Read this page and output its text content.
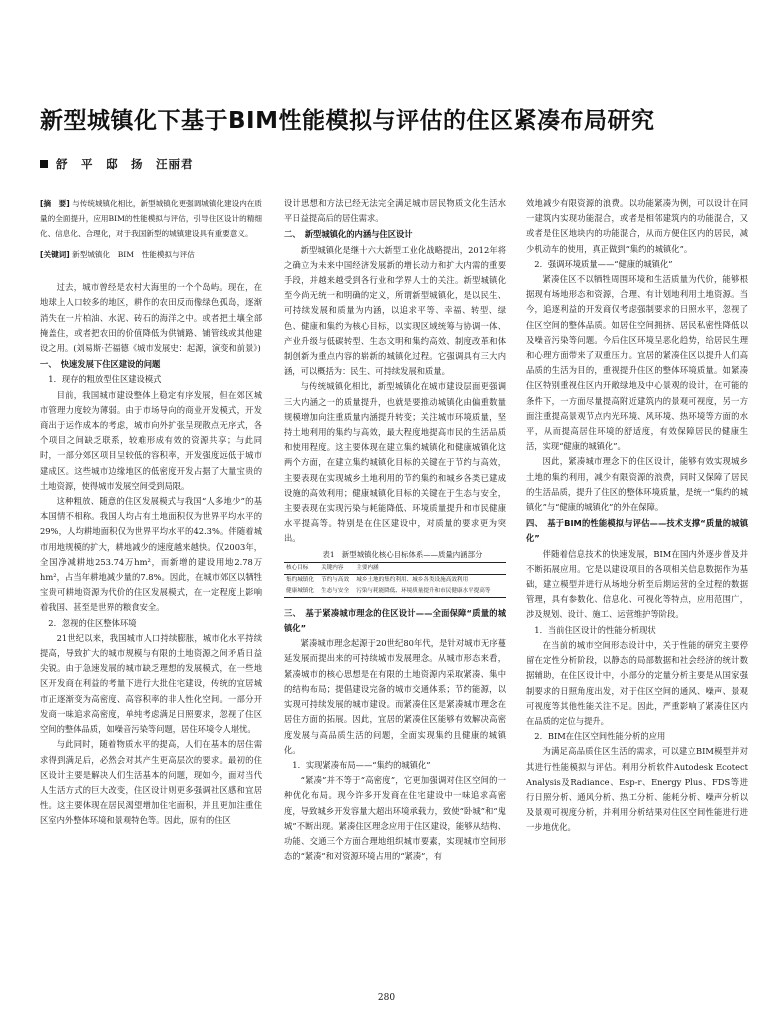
新型城镇化下基于BIM性能模拟与评估的住区紧凑布局研究
舒　平　邸　扬　汪丽君

[摘　要] 与传统城镇化相比，新型城镇化更强调城镇化建设内在质量的全面提升，应用BIM的性能模拟与评估，引导住区设计的精细化、信息化、合理化，对于我国新型的城镇建设具有重要意义。

[关键词] 新型城镇化　BIM　性能模拟与评估

过去，城市曾经是农村大海里的一个个岛屿。现在，在地球上人口较多的地区，耕作的农田反而像绿色孤岛，逐渐消失在一片柏油、水泥、砖石的海洋之中。或者把土壤全部掩盖住，或者把农田的价值降低为供铺路、铺管线或其他建设之用。(刘易斯·芒福德《城市发展史：起源，演变和前景》)

一、　快速发展下住区建设的问题

1．现存的粗放型住区建设模式

目前，我国城市建设整体上稳定有序发展，但在郊区城市管理力度较为薄弱。由于市场导向的商业开发模式，开发商出于运作成本的考虑，城市向外扩张呈现散点无序式，各个项目之间缺乏联系，较难形成有效的资源共享；与此同时，一部分郊区项目呈较低的容积率，开发强度远低于城市建成区。这些城市边缘地区的低密度开发占据了大量宝贵的土地资源，使得城市发展空间受到局限。

这种粗放、随意的住区发展模式与我国“人多地少”的基本国情不相称。我国人均占有土地面积仅为世界平均水平的29%，人均耕地面积仅为世界平均水平的42.3%。伴随着城市用地规模的扩大，耕地减少的速度越来越快。仅2003年，全国净减耕地253.74万hm²，而新增的建设用地2.78万hm²，占当年耕地减少量的7.8%。因此，在城市郊区以牺牲宝贵可耕地资源为代价的住区发展模式，在一定程度上影响着我国、甚至是世界的粮食安全。

2．忽视的住区整体环境

21世纪以来，我国城市人口持续膨胀，城市化水平持续提高，导致扩大的城市规模与有限的土地资源之间矛盾日益尖锐。由于急速发展的城市缺乏理想的发展模式，在一些地区开发商在利益的考量下进行大批住宅建设，传统的宜居城市正逐渐变为高密度、高容积率的非人性化空间。一部分开发商一味追求高密度，单纯考虑满足日照要求，忽视了住区空间的整体品质，如噪音污染等问题，居住环境令人堪忧。

与此同时，随着物质水平的提高，人们在基本的居住需求得到满足后，必然会对其产生更高层次的要求。最初的住区设计主要是解决人们生活基本的问题，现如今，面对当代人生活方式的巨大改变，住区设计则更多强调社区感和宜居性。这主要体现在居民渴望增加住宅面积，并且更加注重住区室内外整体环境和景观特色等。因此，原有的住区

设计思想和方法已经无法完全满足城市居民物质文化生活水平日益提高后的居住需求。

二、　新型城镇化的内涵与住区设计

新型城镇化是继十六大新型工业化战略提出，2012年将之确立为未来中国经济发展新的增长动力和扩大内需的重要手段，并越来越受到各行业和学界人士的关注。新型城镇化至今尚无统一和明确的定义，所谓新型城镇化，是以民生、可持续发展和质量为内涵，以追求平等、幸福、转型、绿色、健康和集约为核心目标，以实现区域统筹与协调一体、产业升级与低碳转型、生态文明和集约高效、制度改革和体制创新为重点内容的崭新的城镇化过程。它强调具有三大内涵，可以概括为：民生、可持续发展和质量。

与传统城镇化相比，新型城镇化在城市建设层面更强调三大内涵之一的质量提升，也就是要推动城镇化由偏重数量规模增加向注重质量内涵提升转变；关注城市环境质量，坚持土地利用的集约与高效，最大程度地提高市民的生活品质和使用程度。这主要体现在建立集约城镇化和健康城镇化这两个方面，在建立集约城镇化目标的关键在于节约与高效，主要表现在实现城乡土地利用的节约集约和城乡各类已建成设施的高效利用；健康城镇化目标的关键在于生态与安全，主要表现在实现污染与耗能降低、环境质量提升和市民健康水平提高等。特别是在住区建设中，对质量的要求更为突出。

表1　新型城镇化核心目标体系——质量内涵部分

核心目标	关键内容	主要内涵
集约城镇化	节约与高效	城乡土地的集约利用、城乡各类设施高效利用
健康城镇化	生态与安全	污染与耗能降低、环境质量提升和市民健康水平提高等

三、　基于紧凑城市理念的住区设计——全面保障“质量的城镇化”

紧凑城市理念起源于20世纪80年代，是针对城市无序蔓延发展而提出来的可持续城市发展理念。从城市形态来看，紧凑城市的核心思想是在有限的土地资源内采取紧凑、集中的结构布局；提倡建设完备的城市交通体系；节约能源，以实现可持续发展的城市建设。而紧凑住区是紧凑城市理念在居住方面的拓展。因此，宜居的紧凑住区能够有效解决高密度发展与高品质生活的问题，全面实现集约且健康的城镇化。

1．实现紧凑布局——“集约的城镇化”

“紧凑”并不等于“高密度”，它更加强调对住区空间的一种优化布局。现今许多开发商在住宅建设中一味追求高密度，导致城乡开发容量大超出环境承载力，致使“卧城”和“鬼城”不断出现。紧凑住区理念应用于住区建设，能够从结构、功能、交通三个方面合理地组织城市要素，实现城市空间形态的“紧凑”和对资源环境占用的“紧凑”，有

效地减少有限资源的浪费。以功能紧凑为例，可以设计在同一建筑内实现功能混合，或者是相邻建筑内的功能混合，又或者是住区地块内的功能混合，从而方便住区内的居民，减少机动车的使用，真正做到“集约的城镇化”。

2．强调环境质量——“健康的城镇化”

紧凑住区不以牺牲周围环境和生活质量为代价，能够根据现有场地形态和资源，合理、有计划地利用土地资源。当今，追逐利益的开发商仅考虑强制要求的日照水平，忽视了住区空间的整体品质。如居住空间拥挤、居民私密性降低以及噪音污染等问题。今后住区环境呈恶化趋势，给居民生理和心理方面带来了双重压力。宜居的紧凑住区以提升人们高品质的生活为目的，重视提升住区的整体环境质量。如紧凑住区特别重视住区内开敞绿地及中心景观的设计，在可能的条件下，一方面尽量提高附近建筑内的景观可视度，另一方面注重提高景观节点内光环境、风环境、热环境等方面的水平，从而提高居住环境的舒适度，有效保障居民的健康生活，实现“健康的城镇化”。

因此，紧凑城市理念下的住区设计，能够有效实现城乡土地的集约利用，减少有限资源的浪费，同时又保障了居民的生活品质，提升了住区的整体环境质量，是统一“集约的城镇化”与“健康的城镇化”的外在保障。

四、　基于BIM的性能模拟与评估——技术支撑“质量的城镇化”

伴随着信息技术的快速发展，BIM在国内外逐步普及并不断拓展应用。它是以建设项目的各项相关信息数据作为基础，建立模型并进行从场地分析至后期运营的全过程的数据管理，具有参数化、信息化、可视化等特点，应用范围广，涉及规划、设计、施工、运营维护等阶段。

1．当前住区设计的性能分析现状

在当前的城市空间形态设计中，关于性能的研究主要停留在定性分析阶段，以静态的局部数据和社会经济的统计数据辅助，在住区设计中，小部分的定量分析主要是从国家强制要求的日照角度出发，对于住区空间的通风、噪声、景观可视度等其他性能关注不足。因此，严重影响了紧凑住区内在品质的定位与提升。

2．BIM在住区空间性能分析的应用

为满足高品质住区生活的需求，可以建立BIM模型并对其进行性能模拟与评估。利用分析软件Autodesk Ecotect Analysis及Radiance、Esp-r、Energy Plus、FDS等进行日照分析、通风分析、热工分析、能耗分析、噪声分析以及景观可视度分析，并利用分析结果对住区空间性能进行进一步地优化。

280
